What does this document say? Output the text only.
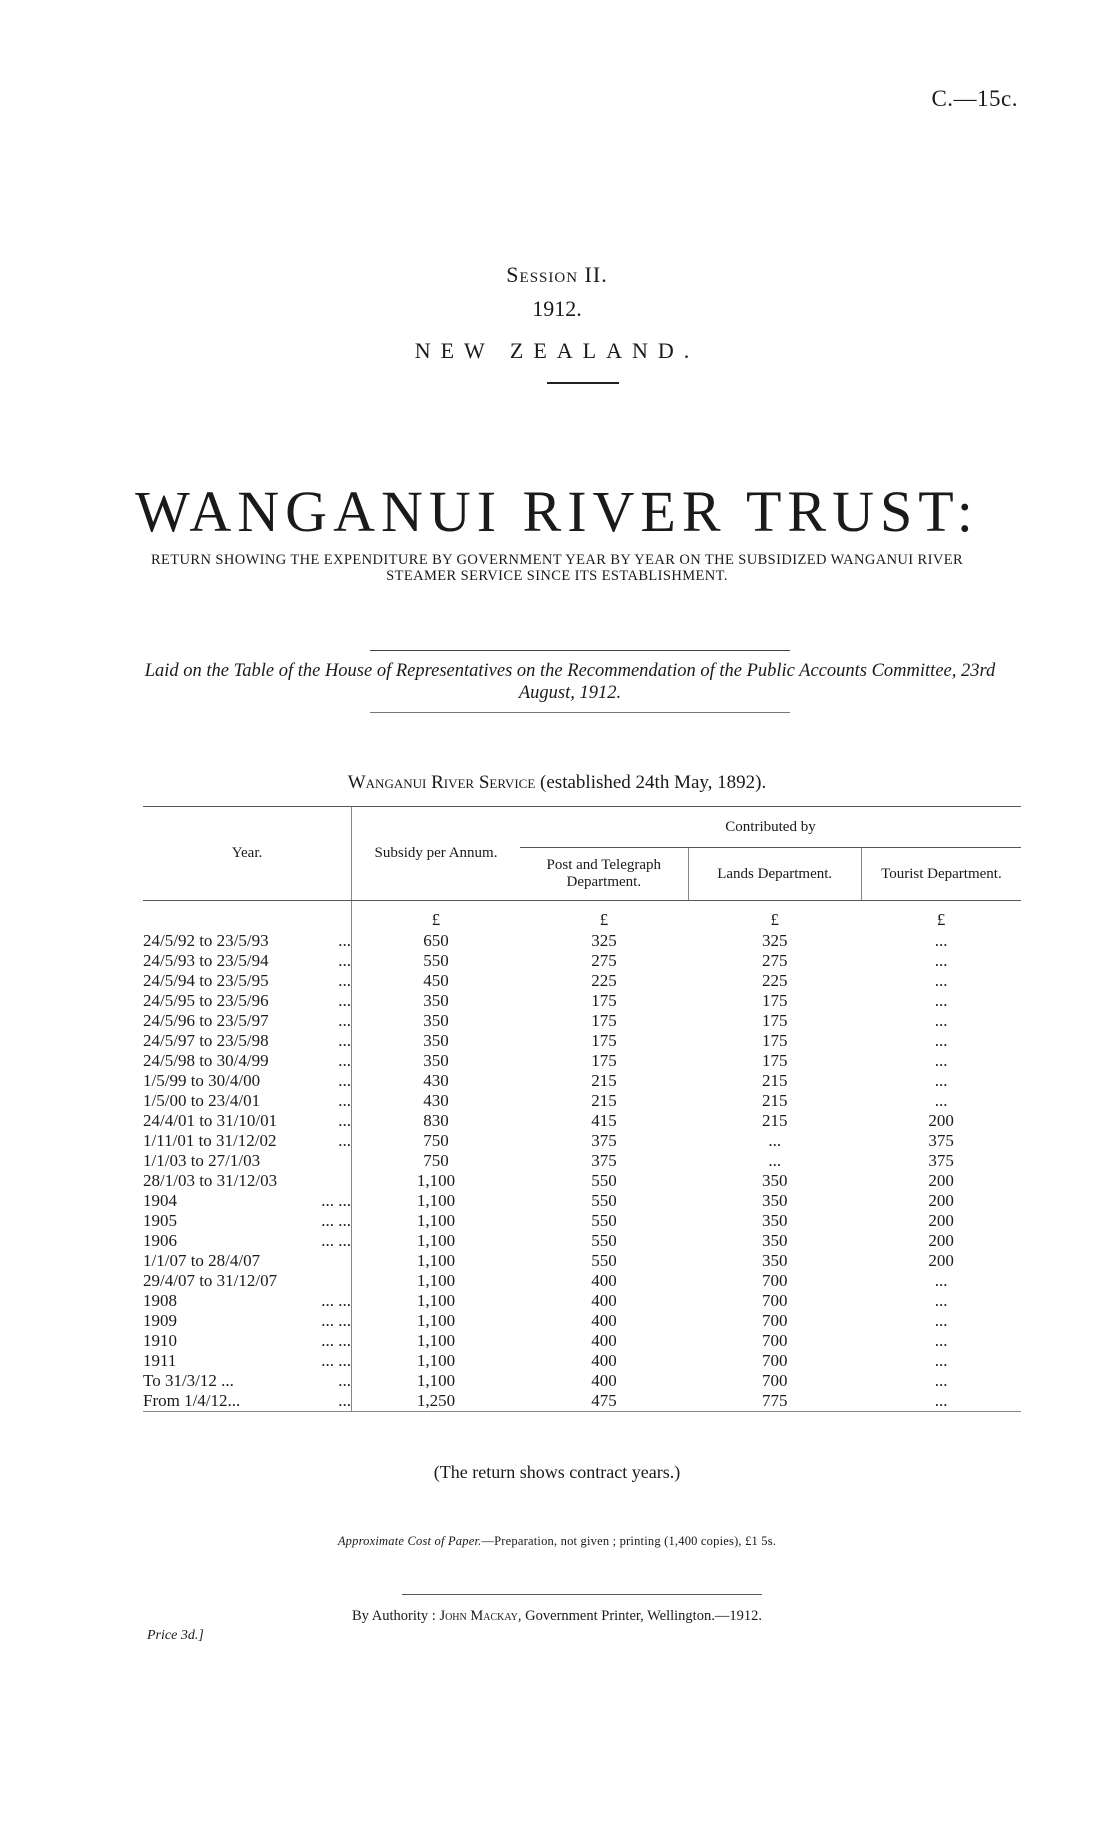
C.—15c.
Session II.
1912.
NEW ZEALAND.
WANGANUI RIVER TRUST:
RETURN SHOWING THE EXPENDITURE BY GOVERNMENT YEAR BY YEAR ON THE SUBSIDIZED WANGANUI RIVER STEAMER SERVICE SINCE ITS ESTABLISHMENT.
Laid on the Table of the House of Representatives on the Recommendation of the Public Accounts Committee, 23rd August, 1912.
Wanganui River Service (established 24th May, 1892).
Year.		Subsidy per Annum.	Contributed by		
			Post and Telegraph Department.	Lands Department.	Tourist Department.
		£	£	£	£
24/5/92 to 23/5/93	...	650	325	325	...
24/5/93 to 23/5/94	...	550	275	275	...
24/5/94 to 23/5/95	...	450	225	225	...
24/5/95 to 23/5/96	...	350	175	175	...
24/5/96 to 23/5/97	...	350	175	175	...
24/5/97 to 23/5/98	...	350	175	175	...
24/5/98 to 30/4/99	...	350	175	175	...
1/5/99 to 30/4/00	...	430	215	215	...
1/5/00 to 23/4/01	...	430	215	215	...
24/4/01 to 31/10/01	...	830	415	215	200
1/11/01 to 31/12/02	...	750	375	...	375
1/1/03 to 27/1/03		750	375	...	375
28/1/03 to 31/12/03		1,100	550	350	200
1904	... ...	1,100	550	350	200
1905	... ...	1,100	550	350	200
1906	... ...	1,100	550	350	200
1/1/07 to 28/4/07		1,100	550	350	200
29/4/07 to 31/12/07		1,100	400	700	...
1908	... ...	1,100	400	700	...
1909	... ...	1,100	400	700	...
1910	... ...	1,100	400	700	...
1911	... ...	1,100	400	700	...
To 31/3/12 ...	...	1,100	400	700	...
From 1/4/12...	...	1,250	475	775	...

(The return shows contract years.)
Approximate Cost of Paper.—Preparation, not given ; printing (1,400 copies), £1 5s.
By Authority : John Mackay, Government Printer, Wellington.—1912.
Price 3d.]
